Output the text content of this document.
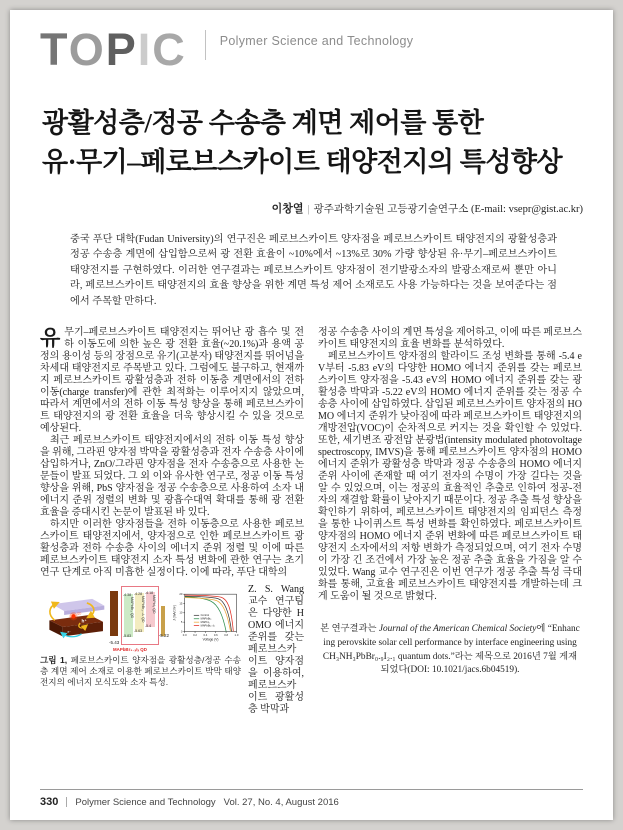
TOPIC	Polymer Science and Technology
광활성층/정공 수송층 계면 제어를 통한
유·무기–페로브스카이트 태양전지의 특성향상
이창열 | 광주과학기술원 고등광기술연구소 (E-mail: vsepr@gist.ac.kr)
중국 푸단 대학(Fudan University)의 연구진은 페로브스카이트 양자점을 페로브스카이트 태양전지의 광활성층과 정공 수송층 계면에 삽입함으로써 광 전환 효율이 ~10%에서 ~13%로 30% 가량 향상된 유·무기–페로브스카이트 태양전지를 구현하였다. 이러한 연구결과는 페로브스카이트 양자점이 전기발광소자의 발광소재로써 뿐만 아니라, 페로브스카이트 태양전지의 효율 향상을 위한 계면 특성 제어 소재로도 사용 가능하다는 것을 보여준다는 점에서 주목할 만하다.

유무기–페로브스카이트 태양전지는 뛰어난 광 흡수 및 전하 이동도에 의한 높은 광 전환 효율(~20.1%)과 용액 공정의 용이성 등의 장점으로 유기(고분자) 태양전지를 뛰어넘을 차세대 태양전지로 주목받고 있다. 그럼에도 불구하고, 현재까지 페로브스카이트 광활성층과 전하 이동층 계면에서의 전하 이동(charge transfer)에 관한 최적화는 이루어지지 않았으며, 따라서 계면에서의 전하 이동 특성 향상을 통해 페로브스카이트 태양전지의 광 전환 효율을 더욱 향상시킬 수 있을 것으로 예상된다.

최근 페로브스카이트 태양전지에서의 전하 이동 특성 향상을 위해, 그라핀 양자점 박막을 광활성층과 전자 수송층 사이에 삽입하거나, ZnO/그라핀 양자점을 전자 수송층으로 사용한 논문들이 발표 되었다. 그 외 이와 유사한 연구로, 정공 이동 특성 향상을 위해, PbS 양자점을 정공 수송층으로 사용하여 소자 내 에너지 준위 정렬의 변화 및 광흡수대역 확대를 통해 광 전환 효율을 증대시킨 논문이 발표된 바 있다.

하지만 이러한 양자점들을 전하 이동층으로 사용한 페로브스카이트 태양전지에서, 양자점으로 인한 페로브스카이트 광활성층과 전하 수송층 사이의 에너지 준위 정렬 및 이에 따른 페로브스카이트 태양전지 소자 특성 변화에 관한 연구는 초기 연구 단계로 아직 미흡한 실정이다. 이에 따라, 푸단 대학의

QD
h⁺
e⁻
-5.43
-4.38
MAPbBr₃ QD
-5.83
-4.28
MAPbBr₃₋ₓIₓ QD
-5.63
-4.18
MAPbI₃ QD
-5.4
-5.22
MAPbBr₃₋ₓIₓ QD
0
5
10
15
20
0.0 0.2 0.4 0.6 0.8 1.0
J (mA/cm²)
Voltage (V)
Control
MAPbBr₃
MAPbI₃
MAPbBr₃₋ₓIₓ
그림 1, 페로브스카이트 양자점을 광활성층/정공 수송층 계면 제어 소재로 이용한 페로브스카이트 박막 태양전지의 에너지 모식도와 소자 특성.
Z. S. Wang 교수 연구팀은 다양한 HOMO 에너지 준위를 갖는 페로브스카이트 양자점을 이용하여, 페로브스카이트 광활성층 박막과

정공 수송층 사이의 계면 특성을 제어하고, 이에 따른 페로브스카이트 태양전지의 효율 변화를 분석하였다.

페로브스카이트 양자점의 할라이드 조성 변화를 통해 -5.4 eV부터 -5.83 eV의 다양한 HOMO 에너지 준위를 갖는 페로브스카이트 양자점을 -5.43 eV의 HOMO 에너지 준위를 갖는 광활성층 박막과 -5.22 eV의 HOMO 에너지 준위를 갖는 정공 수송층 사이에 삽입하였다. 삽입된 페로브스카이트 양자점의 HOMO 에너지 준위가 낮아짐에 따라 페로브스카이트 태양전지의 개방전압(VOC)이 순차적으로 커지는 것을 확인할 수 있었다. 또한, 세기변조 광전압 분광법(intensity modulated photovoltage spectroscopy, IMVS)을 통해 페로브스카이트 양자점의 HOMO 에너지 준위가 광활성층 박막과 정공 수송층의 HOMO 에너지 준위 사이에 존재할 때 여기 전자의 수명이 가장 길다는 것을 알 수 있었으며, 이는 정공의 효율적인 추출로 인하여 정공-전자의 재결합 확률이 낮아지기 때문이다. 정공 추출 특성 향상을 확인하기 위하여, 페로브스카이트 태양전지의 임피던스 측정을 통한 나이퀴스트 특성 변화를 확인하였다. 페로브스카이트 양자점의 HOMO 에너지 준위 변화에 따른 페로브스카이트 태양전지 소자에서의 저항 변화가 측정되었으며, 여기 전자 수명이 가장 긴 조건에서 가장 높은 정공 추출 효율을 가짐을 알 수 있었다. Wang 교수 연구진은 이번 연구가 정공 추출 특성 극대화를 통해, 고효율 페로브스카이트 태양전지를 개발하는데 크게 도움이 될 것으로 밝혔다.

본 연구결과는 Journal of the American Chemical Society에 “Enhancing perovskite solar cell performance by interface engineering using CH₃NH₃PbBr₀.₉I₂.₁ quantum dots.”라는 제목으로 2016년 7월 게재되었다(DOI: 10.1021/jacs.6b04519).
330 Polymer Science and Technology Vol. 27, No. 4, August 2016
